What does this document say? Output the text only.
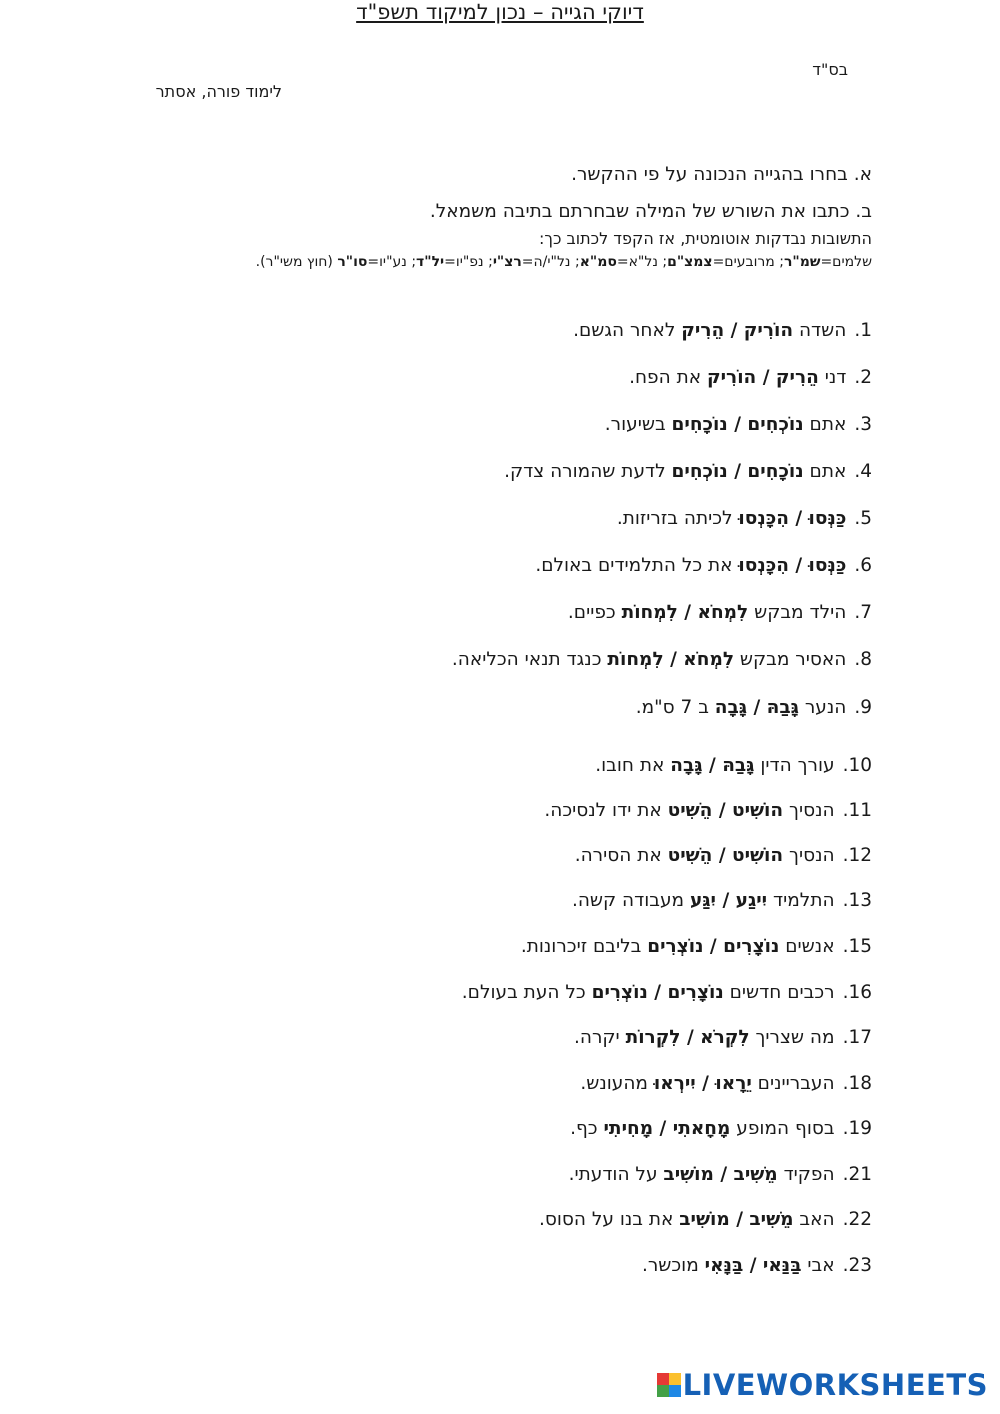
בס"ד
לימוד פורה, אסתר
דיוקי הגייה – נכון למיקוד תשפ"ד
א. בחרו בהגייה הנכונה על פי ההקשר.
ב. כתבו את השורש של המילה שבחרתם בתיבה משמאל.
התשובות נבדקות אוטומטית, אז הקפד לכתוב כך:
שלמים=שמ"ר; מרובעים=צמצ"ם; נל"א=סמ"א; נל"י/ה=רצ"י; נפ"יו=יל"ד; נע"יו=סו"ר (חוץ משי"ר).
.1
השדה הוֹרִיק / הֵרִיק לאחר הגשם.
.2
דני הֵרִיק / הוֹרִיק את הפח.
.3
אתם נוֹכְחִים / נוֹכָחִים בשיעור.
.4
אתם נוֹכָחִים / נוֹכְחִים לדעת שהמורה צדק.
.5
כַּנְּסוּ / הִכָּנְסוּ לכיתה בזריזות.
.6
כַּנְּסוּ / הִכָּנְסוּ את כל התלמידים באולם.
.7
הילד מבקש לִמְחֹא / לִמְחוֹת כפיים.
.8
האסיר מבקש לִמְחֹא / לִמְחוֹת כנגד תנאי הכליאה.
.9
הנער גָּבַהּ / גָּבָה ב 7 ס"מ.
.10
עורך הדין גָּבַהּ / גָּבָה את חובו.
.11
הנסיך הוֹשִׁיט / הֵשִׁיט את ידו לנסיכה.
.12
הנסיך הוֹשִׁיט / הֵשִׁיט את הסירה.
.13
התלמיד יִיגַע / יִגַּע מעבודה קשה.
.15
אנשים נוֹצָרִים / נוֹצְרִים בליבם זיכרונות.
.16
רכבים חדשים נוֹצָרִים / נוֹצְרִים כל העת בעולם.
.17
מה שצריך לִקְרֹא / לִקְרוֹת יקרה.
.18
העבריינים יֵרָאוּ / יִירְאוּ מהעונש.
.19
בסוף המופע מָחָאתִי / מָחִיתִי כף.
.21
הפקיד מֵשִׁיב / מוֹשִׁיב על הודעתי.
.22
האב מֵשִׁיב / מוֹשִׁיב את בנו על הסוס.
.23
אבי בַּנַּאי / בַּנָּאִי מוכשר.
LIVEWORKSHEETS
